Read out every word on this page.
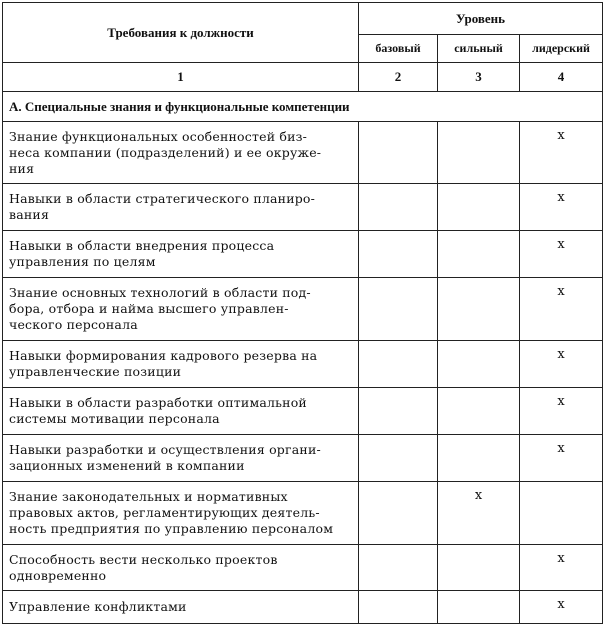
Требования к должности	Уровень		
	базовый	сильный	лидерский
1	2	3	4
А. Специальные знания и функциональные компетенции			
Знание функциональных особенностей биз-
неса компании (подразделений) и ее окруже-
ния			x
Навыки в области стратегического планиро-
вания			x
Навыки в области внедрения процесса
управления по целям			x
Знание основных технологий в области под-
бора, отбора и найма высшего управлен-
ческого персонала			x
Навыки формирования кадрового резерва на
управленческие позиции			x
Навыки в области разработки оптимальной
системы мотивации персонала			x
Навыки разработки и осуществления органи-
зационных изменений в компании			x
Знание законодательных и нормативных
правовых актов, регламентирующих деятель-
ность предприятия по управлению персоналом		x	
Способность вести несколько проектов
одновременно			x
Управление конфликтами			x
